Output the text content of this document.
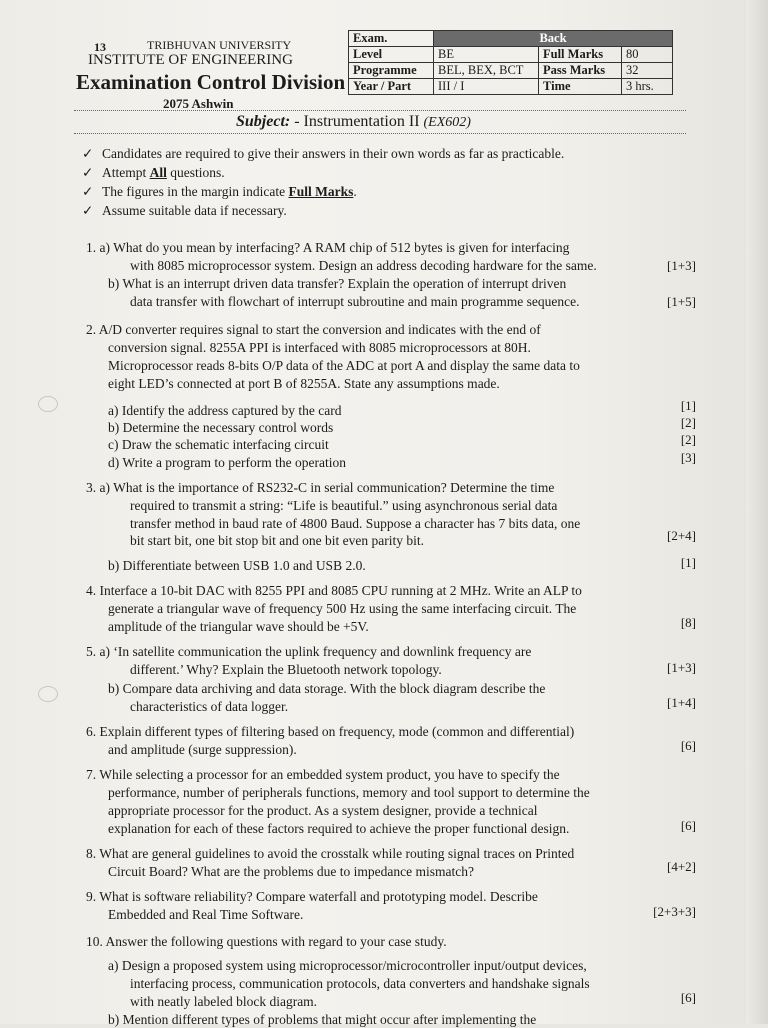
13	TRIBHUVAN UNIVERSITY
INSTITUTE OF ENGINEERING
Examination Control Division
2075 Ashwin
Exam.	Back		
Level	BE	Full Marks	80
Programme	BEL, BEX, BCT	Pass Marks	32
Year / Part	III / I	Time	3 hrs.
Subject: - Instrumentation II (EX602)
✓ Candidates are required to give their answers in their own words as far as practicable.
✓ Attempt All questions.
✓ The figures in the margin indicate Full Marks.
✓ Assume suitable data if necessary.
1. a) What do you mean by interfacing? A RAM chip of 512 bytes is given for interfacing
with 8085 microprocessor system. Design an address decoding hardware for the same.	[1+3]
b) What is an interrupt driven data transfer? Explain the operation of interrupt driven
data transfer with flowchart of interrupt subroutine and main programme sequence.	[1+5]
2. A/D converter requires signal to start the conversion and indicates with the end of
conversion signal. 8255A PPI is interfaced with 8085 microprocessors at 80H.
Microprocessor reads 8-bits O/P data of the ADC at port A and display the same data to
eight LED’s connected at port B of 8255A. State any assumptions made.
a) Identify the address captured by the card	[1]
b) Determine the necessary control words	[2]
c) Draw the schematic interfacing circuit	[2]
d) Write a program to perform the operation	[3]
3. a) What is the importance of RS232-C in serial communication? Determine the time
required to transmit a string: “Life is beautiful.” using asynchronous serial data
transfer method in baud rate of 4800 Baud. Suppose a character has 7 bits data, one
bit start bit, one bit stop bit and one bit even parity bit.	[2+4]
b) Differentiate between USB 1.0 and USB 2.0.	[1]
4. Interface a 10-bit DAC with 8255 PPI and 8085 CPU running at 2 MHz. Write an ALP to
generate a triangular wave of frequency 500 Hz using the same interfacing circuit. The
amplitude of the triangular wave should be +5V.	[8]
5. a) ‘In satellite communication the uplink frequency and downlink frequency are
different.’ Why? Explain the Bluetooth network topology.	[1+3]
b) Compare data archiving and data storage. With the block diagram describe the
characteristics of data logger.	[1+4]
6. Explain different types of filtering based on frequency, mode (common and differential)
and amplitude (surge suppression).	[6]
7. While selecting a processor for an embedded system product, you have to specify the
performance, number of peripherals functions, memory and tool support to determine the
appropriate processor for the product. As a system designer, provide a technical
explanation for each of these factors required to achieve the proper functional design.	[6]
8. What are general guidelines to avoid the crosstalk while routing signal traces on Printed
Circuit Board? What are the problems due to impedance mismatch?	[4+2]
9. What is software reliability? Compare waterfall and prototyping model. Describe
Embedded and Real Time Software.	[2+3+3]
10. Answer the following questions with regard to your case study.
a) Design a proposed system using microprocessor/microcontroller input/output devices,
interfacing process, communication protocols, data converters and handshake signals
with neatly labeled block diagram.	[6]
b) Mention different types of problems that might occur after implementing the
